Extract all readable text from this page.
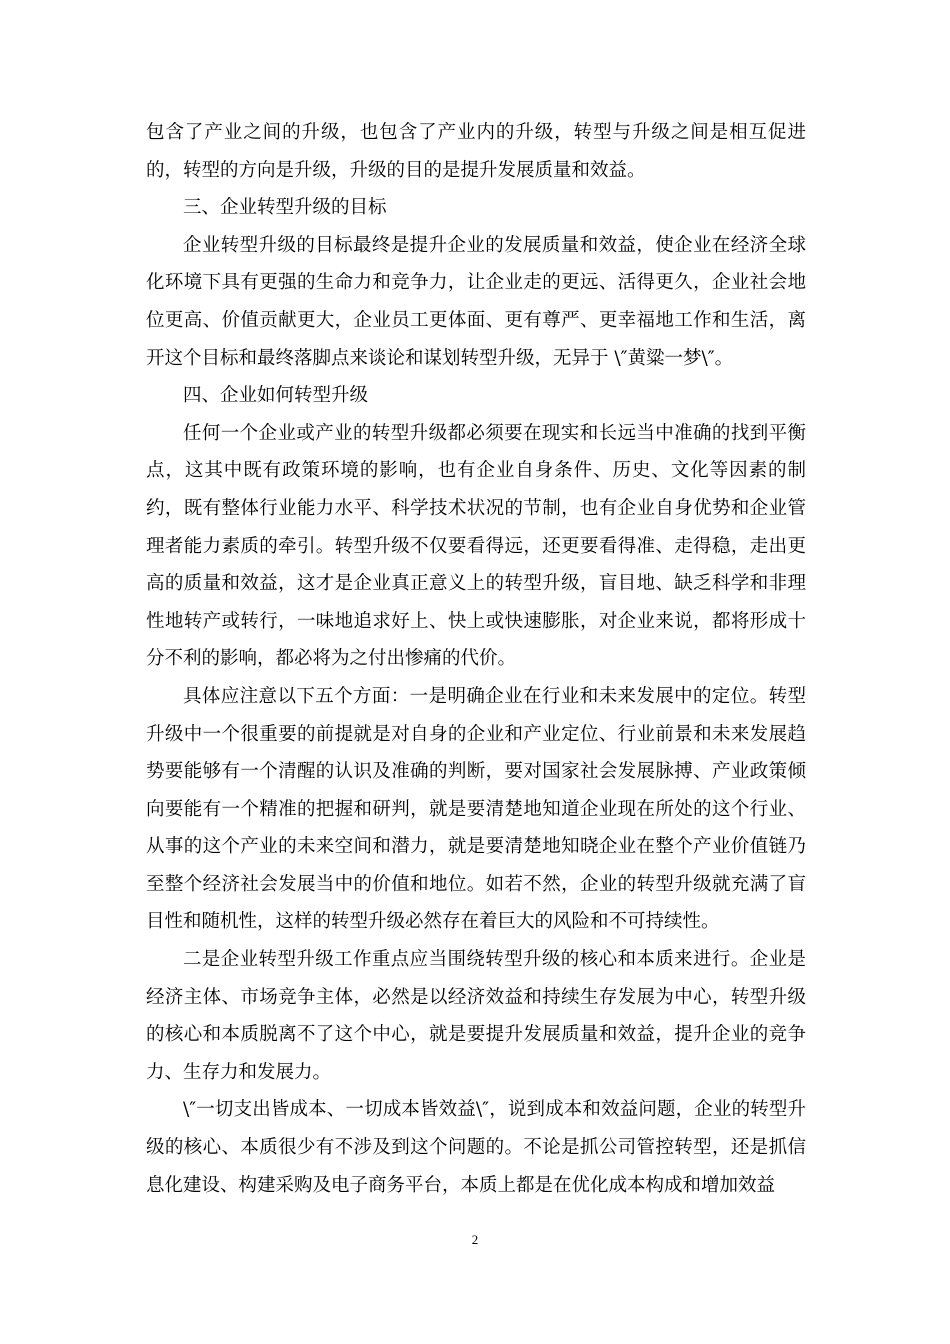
包含了产业之间的升级，也包含了产业内的升级，转型与升级之间是相互促进的，转型的方向是升级，升级的目的是提升发展质量和效益。

三、企业转型升级的目标

企业转型升级的目标最终是提升企业的发展质量和效益，使企业在经济全球化环境下具有更强的生命力和竞争力，让企业走的更远、活得更久，企业社会地位更高、价值贡献更大，企业员工更体面、更有尊严、更幸福地工作和生活，离开这个目标和最终落脚点来谈论和谋划转型升级，无异于 \″黄粱一梦\″。

四、企业如何转型升级

任何一个企业或产业的转型升级都必须要在现实和长远当中准确的找到平衡点，这其中既有政策环境的影响，也有企业自身条件、历史、文化等因素的制约，既有整体行业能力水平、科学技术状况的节制，也有企业自身优势和企业管理者能力素质的牵引。转型升级不仅要看得远，还更要看得准、走得稳，走出更高的质量和效益，这才是企业真正意义上的转型升级，盲目地、缺乏科学和非理性地转产或转行，一味地追求好上、快上或快速膨胀，对企业来说，都将形成十分不利的影响，都必将为之付出惨痛的代价。

具体应注意以下五个方面：一是明确企业在行业和未来发展中的定位。转型升级中一个很重要的前提就是对自身的企业和产业定位、行业前景和未来发展趋势要能够有一个清醒的认识及准确的判断，要对国家社会发展脉搏、产业政策倾向要能有一个精准的把握和研判，就是要清楚地知道企业现在所处的这个行业、从事的这个产业的未来空间和潜力，就是要清楚地知晓企业在整个产业价值链乃至整个经济社会发展当中的价值和地位。如若不然，企业的转型升级就充满了盲目性和随机性，这样的转型升级必然存在着巨大的风险和不可持续性。

二是企业转型升级工作重点应当围绕转型升级的核心和本质来进行。企业是经济主体、市场竞争主体，必然是以经济效益和持续生存发展为中心，转型升级的核心和本质脱离不了这个中心，就是要提升发展质量和效益，提升企业的竞争力、生存力和发展力。

\″一切支出皆成本、一切成本皆效益\″，说到成本和效益问题，企业的转型升级的核心、本质很少有不涉及到这个问题的。不论是抓公司管控转型，还是抓信息化建设、构建采购及电子商务平台，本质上都是在优化成本构成和增加效益

2
